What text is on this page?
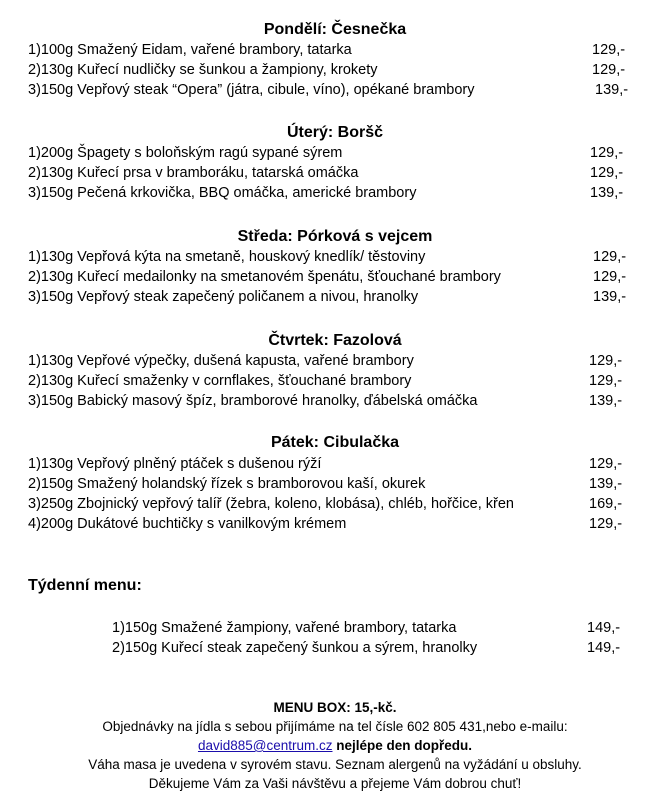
Pondělí: Česnečka
1)100g Smažený Eidam, vařené brambory, tatarka	129,-
2)130g Kuřecí nudličky se šunkou a žampiony, krokety	129,-
3)150g Vepřový steak “Opera” (játra, cibule, víno), opékané brambory	139,-
Úterý: Boršč
1)200g Špagety s boloňským ragú sypané sýrem	129,-
2)130g Kuřecí prsa v bramboráku, tatarská omáčka	129,-
3)150g Pečená krkovička, BBQ omáčka, americké brambory	139,-
Středa: Pórková s vejcem
1)130g Vepřová kýta na smetaně, houskový knedlík/ těstoviny	129,-
2)130g Kuřecí medailonky na smetanovém špenátu, šťouchané brambory	129,-
3)150g Vepřový steak zapečený poličanem a nivou, hranolky	139,-
Čtvrtek: Fazolová
1)130g Vepřové výpečky, dušená kapusta, vařené brambory	129,-
2)130g Kuřecí smaženky v cornflakes, šťouchané brambory	129,-
3)150g Babický masový špíz, bramborové hranolky, ďábelská omáčka	139,-
Pátek: Cibulačka
1)130g Vepřový plněný ptáček s dušenou rýží	129,-
2)150g Smažený holandský řízek s bramborovou kaší, okurek	139,-
3)250g Zbojnický vepřový talíř (žebra, koleno, klobása), chléb, hořčice, křen	169,-
4)200g Dukátové buchtičky s vanilkovým krémem	129,-
Týdenní menu:
1)150g Smažené žampiony, vařené brambory, tatarka	149,-
2)150g Kuřecí steak zapečený šunkou a sýrem, hranolky	149,-
MENU BOX: 15,-kč.
Objednávky na jídla s sebou přijímáme na tel čísle 602 805 431,nebo e-mailu:
david885@centrum.cz nejlépe den dopředu.
Váha masa je uvedena v syrovém stavu. Seznam alergenů na vyžádání u obsluhy.
Děkujeme Vám za Vaši návštěvu a přejeme Vám dobrou chuť!
